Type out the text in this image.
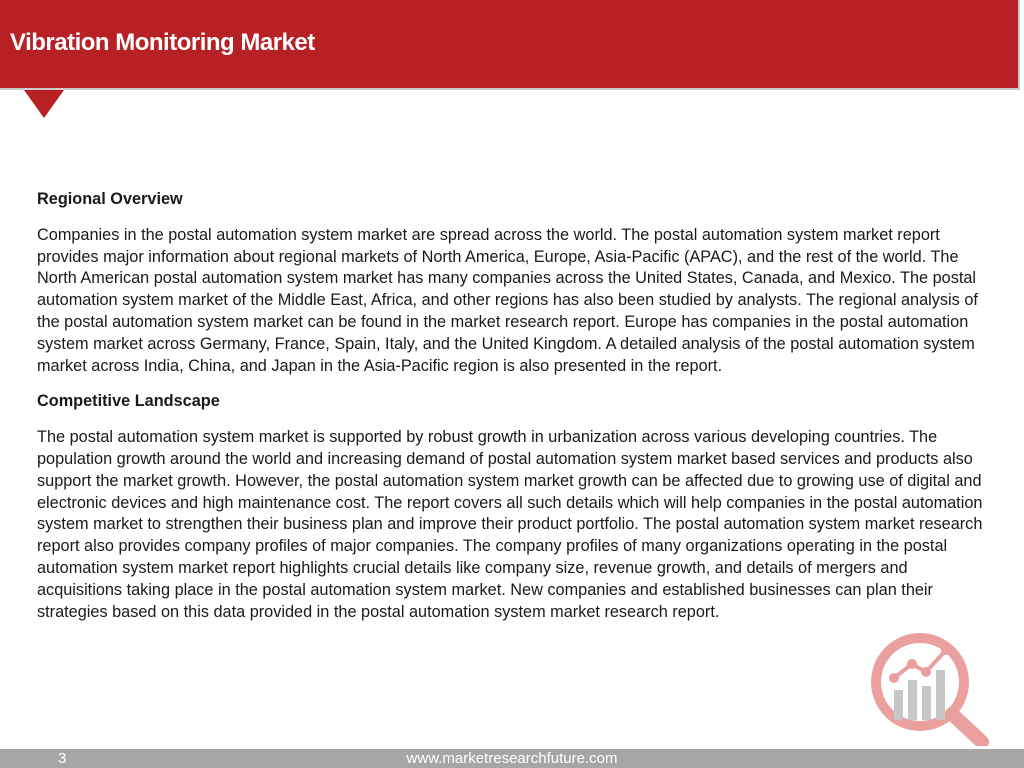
Vibration Monitoring Market

Regional Overview

Companies in the postal automation system market are spread across the world. The postal automation system market report provides major information about regional markets of North America, Europe, Asia-Pacific (APAC), and the rest of the world. The North American postal automation system market has many companies across the United States, Canada, and Mexico. The postal automation system market of the Middle East, Africa, and other regions has also been studied by analysts. The regional analysis of the postal automation system market can be found in the market research report. Europe has companies in the postal automation system market across Germany, France, Spain, Italy, and the United Kingdom. A detailed analysis of the postal automation system market across India, China, and Japan in the Asia-Pacific region is also presented in the report.

Competitive Landscape

The postal automation system market is supported by robust growth in urbanization across various developing countries. The population growth around the world and increasing demand of postal automation system market based services and products also support the market growth. However, the postal automation system market growth can be affected due to growing use of digital and electronic devices and high maintenance cost. The report covers all such details which will help companies in the postal automation system market to strengthen their business plan and improve their product portfolio. The postal automation system market research report also provides company profiles of major companies. The company profiles of many organizations operating in the postal automation system market report highlights crucial details like company size, revenue growth, and details of mergers and acquisitions taking place in the postal automation system market. New companies and established businesses can plan their strategies based on this data provided in the postal automation system market research report.

3	www.marketresearchfuture.com
